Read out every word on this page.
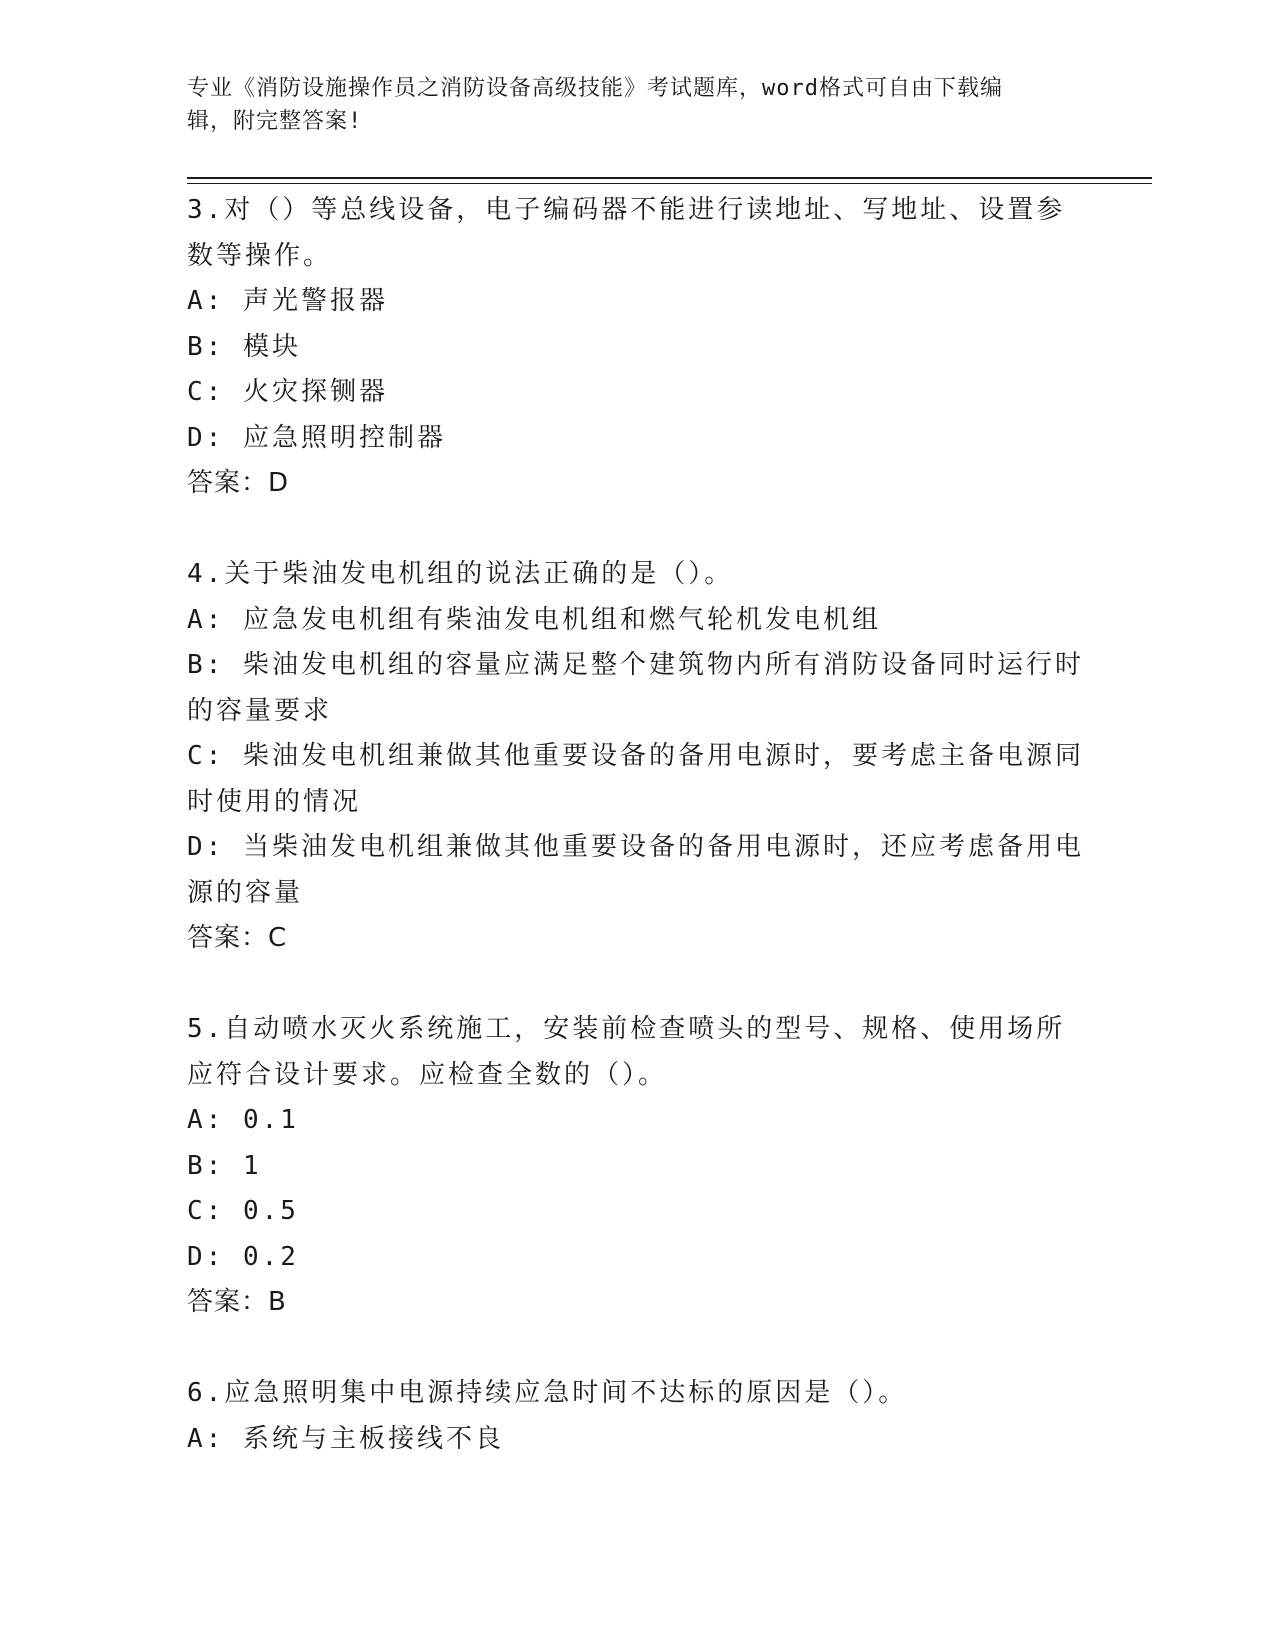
专业《消防设施操作员之消防设备高级技能》考试题库，word格式可自由下载编
辑，附完整答案!
3.对（）等总线设备，电子编码器不能进行读地址、写地址、设置参
数等操作。
A: 声光警报器
B: 模块
C: 火灾探铡器
D: 应急照明控制器
答案：D
4.关于柴油发电机组的说法正确的是（）。
A: 应急发电机组有柴油发电机组和燃气轮机发电机组
B: 柴油发电机组的容量应满足整个建筑物内所有消防设备同时运行时
的容量要求
C: 柴油发电机组兼做其他重要设备的备用电源时，要考虑主备电源同
时使用的情况
D: 当柴油发电机组兼做其他重要设备的备用电源时，还应考虑备用电
源的容量
答案：C
5.自动喷水灭火系统施工，安装前检查喷头的型号、规格、使用场所
应符合设计要求。应检查全数的（）。
A: 0.1
B: 1
C: 0.5
D: 0.2
答案：B
6.应急照明集中电源持续应急时间不达标的原因是（）。
A: 系统与主板接线不良
